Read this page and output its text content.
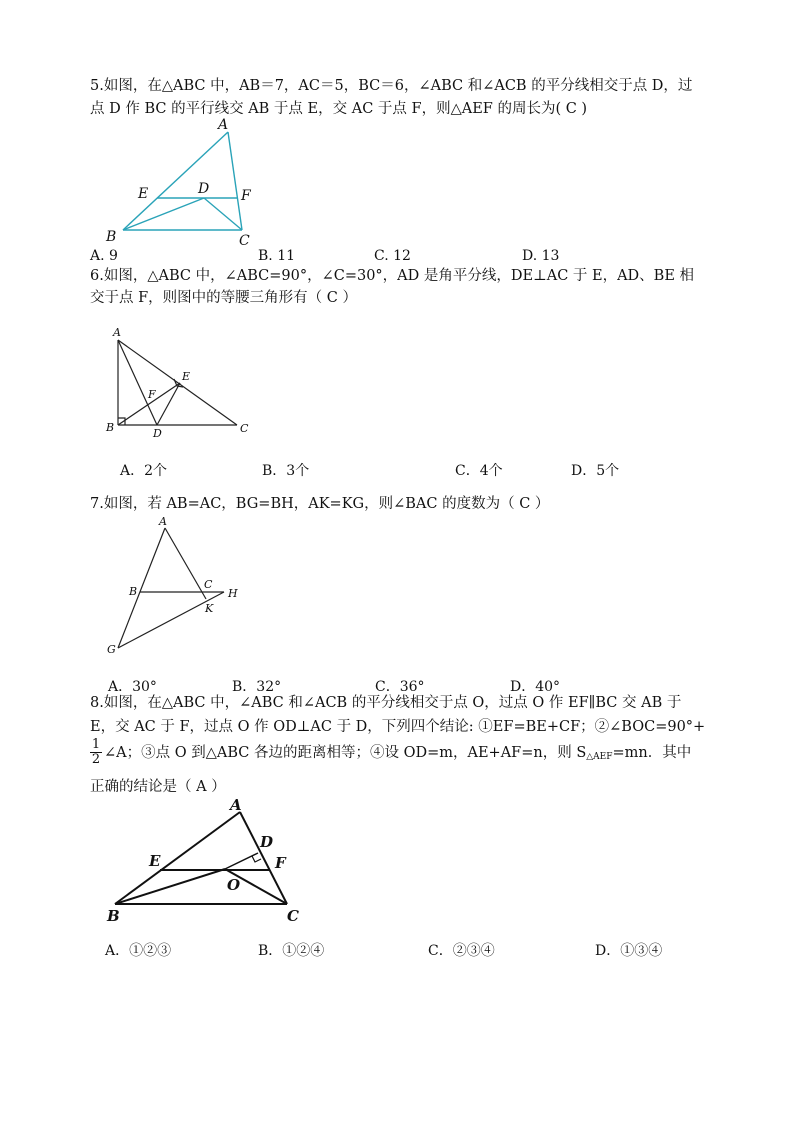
5.如图，在△ABC 中，AB＝7，AC＝5，BC＝6，∠ABC 和∠ACB 的平分线相交于点 D，过
点 D 作 BC 的平行线交 AB 于点 E，交 AC 于点 F，则△AEF 的周长为( C )
A
B	C
D
E	F
A. 9	B. 11	C. 12	D. 13
6.如图，△ABC 中，∠ABC=90°，∠C=30°，AD 是角平分线，DE⊥AC 于 E，AD、BE 相
交于点 F，则图中的等腰三角形有（ C ）
A
B	C
D
E
F
A．2个	B．3个	C．4个	D．5个
7.如图，若 AB=AC，BG=BH，AK=KG，则∠BAC 的度数为（ C ）
A
B
C
G
H
K
A．30°	B．32°	C．36°	D．40°
8.如图，在△ABC 中，∠ABC 和∠ACB 的平分线相交于点 O，过点 O 作 EF∥BC 交 AB 于
E，交 AC 于 F，过点 O 作 OD⊥AC 于 D，下列四个结论: ①EF=BE+CF；②∠BOC=90°+
$\frac{1}{2}$ ∠A；③点 O 到△ABC 各边的距离相等；④设 OD=m，AE+AF=n，则 $S_{\triangle AEF}=mn$．其中
正确的结论是（ A ）
A
B	C
D
E	F
O
A．①②③	B．①②④	C．②③④	D．①③④
